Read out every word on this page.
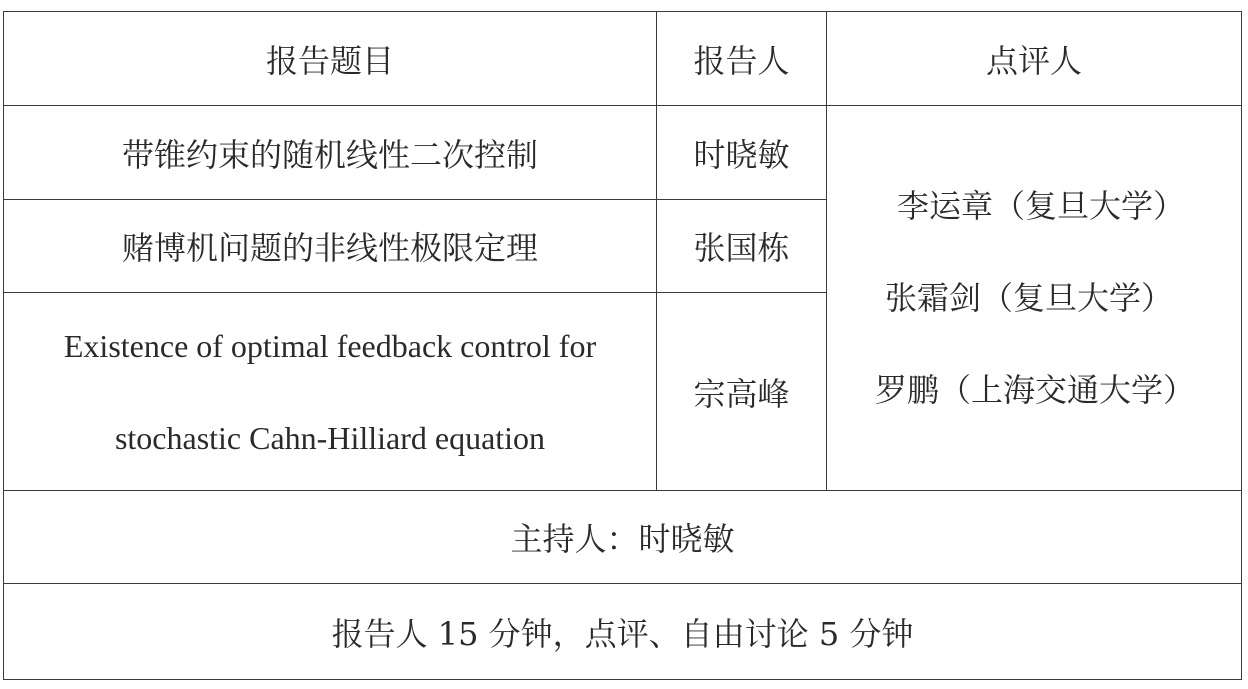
报告题目	报告人	点评人
带锥约束的随机线性二次控制	时晓敏	李运章（复旦大学）
张霜剑（复旦大学）
罗鹏（上海交通大学）

赌博机问题的非线性极限定理	张国栋	

Existence of optimal feedback control for
stochastic Cahn-Hilliard equation	宗高峰	
主持人：时晓敏		
报告人 15 分钟，点评、自由讨论 5 分钟		
